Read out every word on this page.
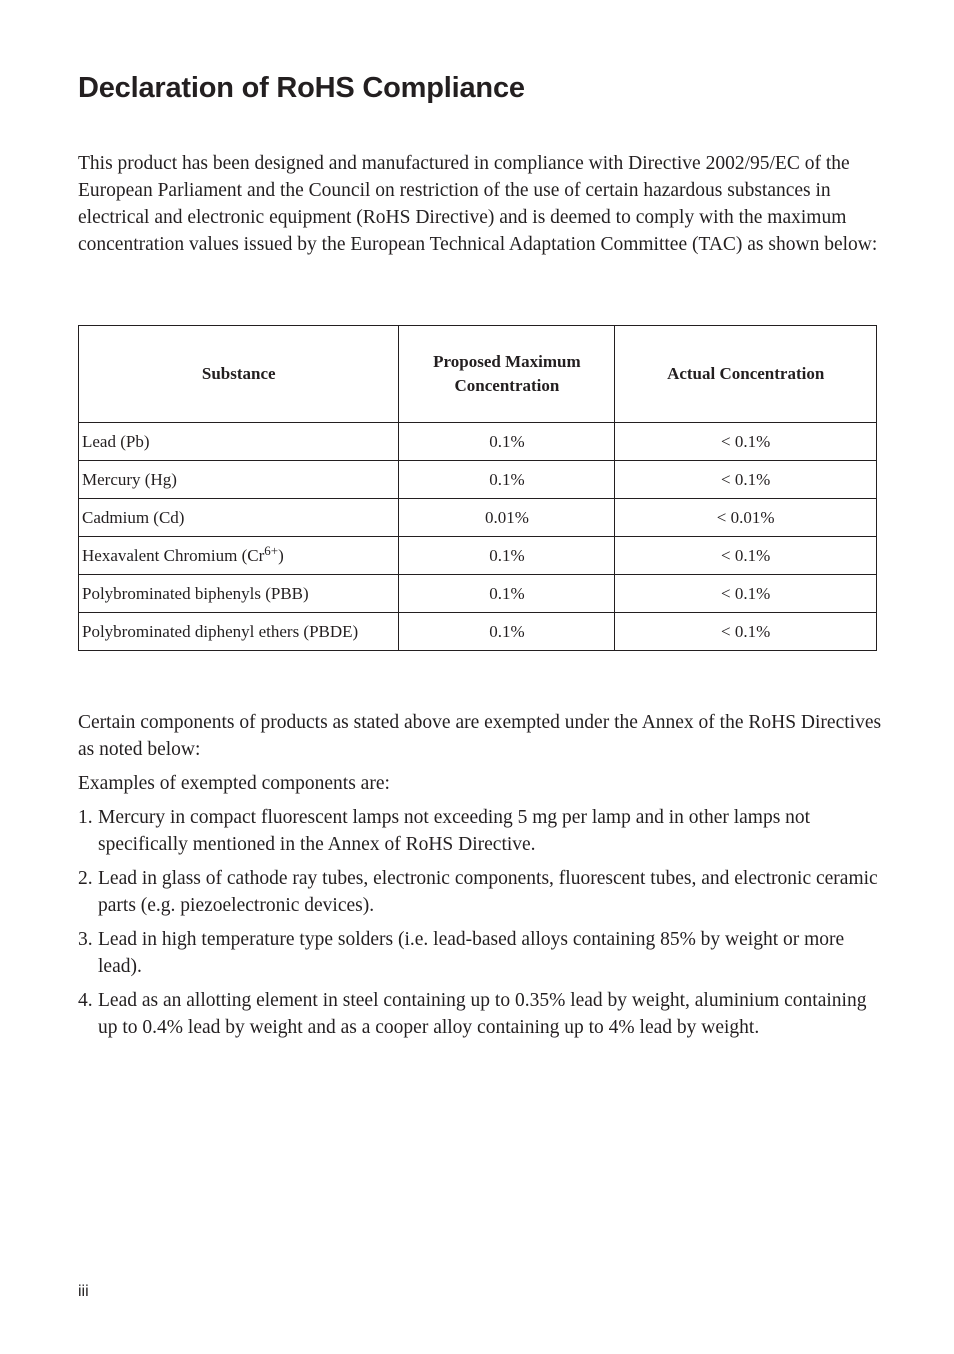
Declaration of RoHS Compliance

This product has been designed and manufactured in compliance with Directive 2002/95/EC of the European Parliament and the Council on restriction of the use of certain hazardous substances in electrical and electronic equipment (RoHS Directive) and is deemed to comply with the maximum concentration values issued by the European Technical Adaptation Committee (TAC) as shown below:

Substance	Proposed Maximum Concentration	Actual Concentration
Lead (Pb)	0.1%	< 0.1%
Mercury (Hg)	0.1%	< 0.1%
Cadmium (Cd)	0.01%	< 0.01%
Hexavalent Chromium $(Cr^{6+})$	0.1%	< 0.1%
Polybrominated biphenyls (PBB)	0.1%	< 0.1%
Polybrominated diphenyl ethers (PBDE)	0.1%	< 0.1%

Certain components of products as stated above are exempted under the Annex of the RoHS Directives as noted below:

Examples of exempted components are:

1. Mercury in compact fluorescent lamps not exceeding 5 mg per lamp and in other lamps not specifically mentioned in the Annex of RoHS Directive.
2. Lead in glass of cathode ray tubes, electronic components, fluorescent tubes, and electronic ceramic parts (e.g. piezoelectronic devices).
3. Lead in high temperature type solders (i.e. lead-based alloys containing 85% by weight or more lead).
4. Lead as an allotting element in steel containing up to 0.35% lead by weight, aluminium containing up to 0.4% lead by weight and as a cooper alloy containing up to 4% lead by weight.
iii
